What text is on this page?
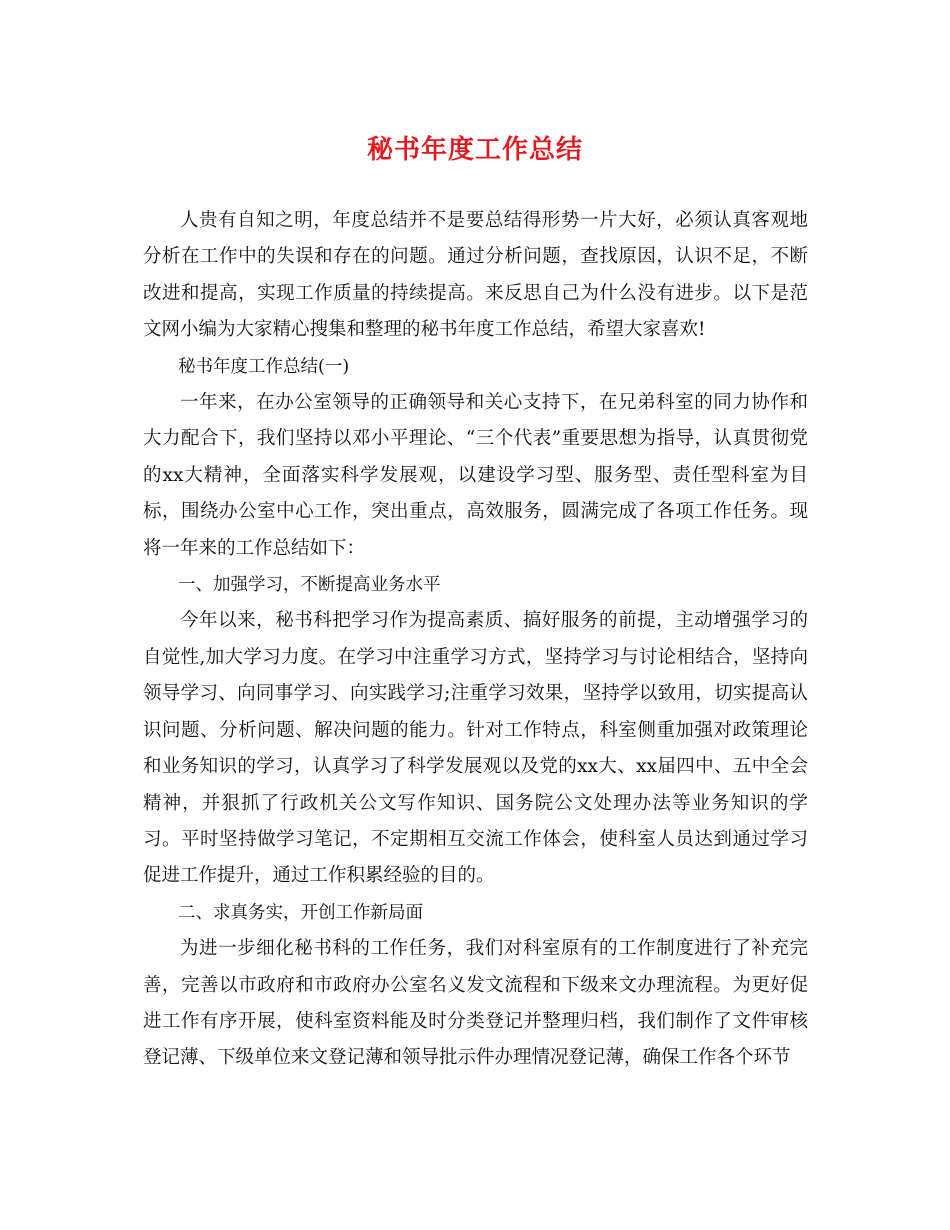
秘书年度工作总结

人贵有自知之明，年度总结并不是要总结得形势一片大好，必须认真客观地分析在工作中的失误和存在的问题。通过分析问题，查找原因，认识不足，不断改进和提高，实现工作质量的持续提高。来反思自己为什么没有进步。以下是范文网小编为大家精心搜集和整理的秘书年度工作总结，希望大家喜欢!

秘书年度工作总结(一)

一年来，在办公室领导的正确领导和关心支持下，在兄弟科室的同力协作和大力配合下，我们坚持以邓小平理论、“三个代表”重要思想为指导，认真贯彻党的xx大精神，全面落实科学发展观，以建设学习型、服务型、责任型科室为目标，围绕办公室中心工作，突出重点，高效服务，圆满完成了各项工作任务。现将一年来的工作总结如下：

一、加强学习，不断提高业务水平

今年以来，秘书科把学习作为提高素质、搞好服务的前提，主动增强学习的自觉性,加大学习力度。在学习中注重学习方式，坚持学习与讨论相结合，坚持向领导学习、向同事学习、向实践学习;注重学习效果，坚持学以致用，切实提高认识问题、分析问题、解决问题的能力。针对工作特点，科室侧重加强对政策理论和业务知识的学习，认真学习了科学发展观以及党的xx大、xx届四中、五中全会精神，并狠抓了行政机关公文写作知识、国务院公文处理办法等业务知识的学习。平时坚持做学习笔记，不定期相互交流工作体会，使科室人员达到通过学习促进工作提升，通过工作积累经验的目的。

二、求真务实，开创工作新局面

为进一步细化秘书科的工作任务，我们对科室原有的工作制度进行了补充完善，完善以市政府和市政府办公室名义发文流程和下级来文办理流程。为更好促进工作有序开展，使科室资料能及时分类登记并整理归档，我们制作了文件审核登记薄、下级单位来文登记薄和领导批示件办理情况登记薄，确保工作各个环节
